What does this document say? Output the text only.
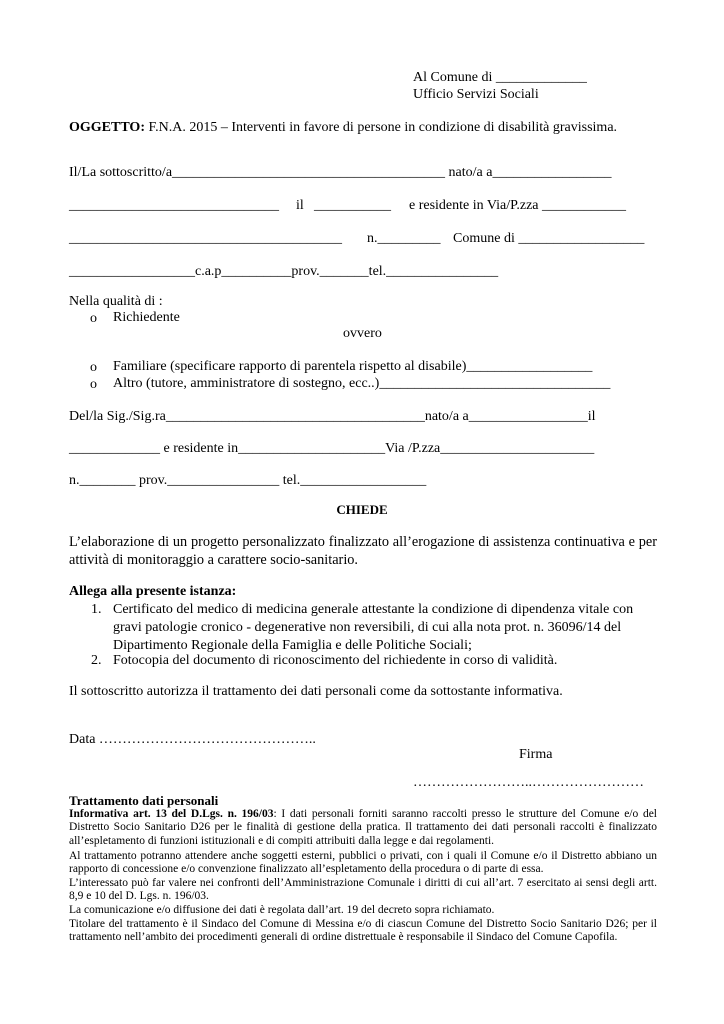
Al Comune di _____________
Ufficio Servizi Sociali
OGGETTO: F.N.A. 2015 – Interventi in favore di persone in condizione di disabilità gravissima.
Il/La sottoscritto/a_______________________________________ nato/a a_________________
______________________________ il ___________ e residente in Via/P.zza ____________
_______________________________________ n._________ Comune di __________________
__________________c.a.p__________prov._______tel.________________
Nella qualità di :
o Richiedente
ovvero
o Familiare (specificare rapporto di parentela rispetto al disabile)__________________
o Altro (tutore, amministratore di sostegno, ecc..)_________________________________
Del/la Sig./Sig.ra_____________________________________nato/a a_________________il
_____________ e residente in_____________________Via /P.zza______________________
n.________ prov.________________ tel.__________________
CHIEDE
L’elaborazione di un progetto personalizzato finalizzato all’erogazione di assistenza continuativa e per attività di monitoraggio a carattere socio-sanitario.
Allega alla presente istanza:
1. Certificato del medico di medicina generale attestante la condizione di dipendenza vitale con gravi patologie cronico - degenerative non reversibili, di cui alla nota prot. n. 36096/14 del Dipartimento Regionale della Famiglia e delle Politiche Sociali;
2. Fotocopia del documento di riconoscimento del richiedente in corso di validità.
Il sottoscritto autorizza il trattamento dei dati personali come da sottostante informativa.
Data ………………………………………..
Firma
……………………..……………………
Trattamento dati personali
Informativa art. 13 del D.Lgs. n. 196/03: I dati personali forniti saranno raccolti presso le strutture del Comune e/o del Distretto Socio Sanitario D26 per le finalità di gestione della pratica. Il trattamento dei dati personali raccolti è finalizzato all’espletamento di funzioni istituzionali e di compiti attribuiti dalla legge e dai regolamenti.
Al trattamento potranno attendere anche soggetti esterni, pubblici o privati, con i quali il Comune e/o il Distretto abbiano un rapporto di concessione e/o convenzione finalizzato all’espletamento della procedura o di parte di essa.
L’interessato può far valere nei confronti dell’Amministrazione Comunale i diritti di cui all’art. 7 esercitato ai sensi degli artt. 8,9 e 10 del D. Lgs. n. 196/03.
La comunicazione e/o diffusione dei dati è regolata dall’art. 19 del decreto sopra richiamato.
Titolare del trattamento è il Sindaco del Comune di Messina e/o di ciascun Comune del Distretto Socio Sanitario D26; per il trattamento nell’ambito dei procedimenti generali di ordine distrettuale è responsabile il Sindaco del Comune Capofila.
